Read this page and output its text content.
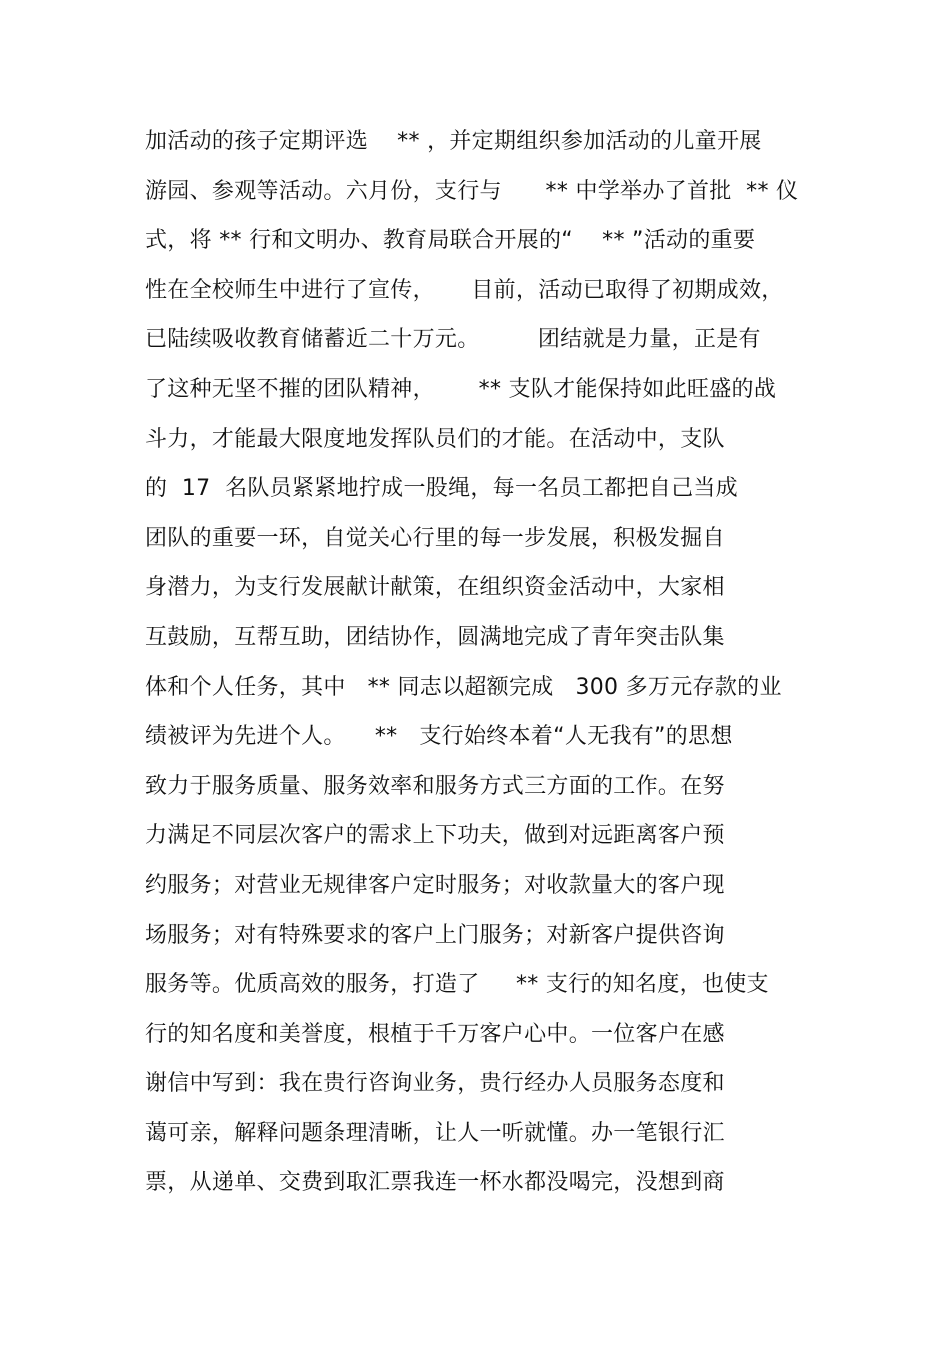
加活动的孩子定期评选    ** ，并定期组织参加活动的儿童开展
游园、参观等活动。六月份，支行与      ** 中学举办了首批  ** 仪
式，将 ** 行和文明办、教育局联合开展的“    ** ”活动的重要
性在全校师生中进行了宣传，     目前，活动已取得了初期成效，
已陆续吸收教育储蓄近二十万元。        团结就是力量，正是有
了这种无坚不摧的团队精神，      ** 支队才能保持如此旺盛的战
斗力，才能最大限度地发挥队员们的才能。在活动中，支队
的  17  名队员紧紧地拧成一股绳，每一名员工都把自己当成
团队的重要一环，自觉关心行里的每一步发展，积极发掘自
身潜力，为支行发展献计献策，在组织资金活动中，大家相
互鼓励，互帮互助，团结协作，圆满地完成了青年突击队集
体和个人任务，其中   ** 同志以超额完成   300 多万元存款的业
绩被评为先进个人。    **   支行始终本着“人无我有”的思想
致力于服务质量、服务效率和服务方式三方面的工作。在努
力满足不同层次客户的需求上下功夫，做到对远距离客户预
约服务；对营业无规律客户定时服务；对收款量大的客户现
场服务；对有特殊要求的客户上门服务；对新客户提供咨询
服务等。优质高效的服务，打造了     ** 支行的知名度，也使支
行的知名度和美誉度，根植于千万客户心中。一位客户在感
谢信中写到：我在贵行咨询业务，贵行经办人员服务态度和
蔼可亲，解释问题条理清晰，让人一听就懂。办一笔银行汇
票，从递单、交费到取汇票我连一杯水都没喝完，没想到商
